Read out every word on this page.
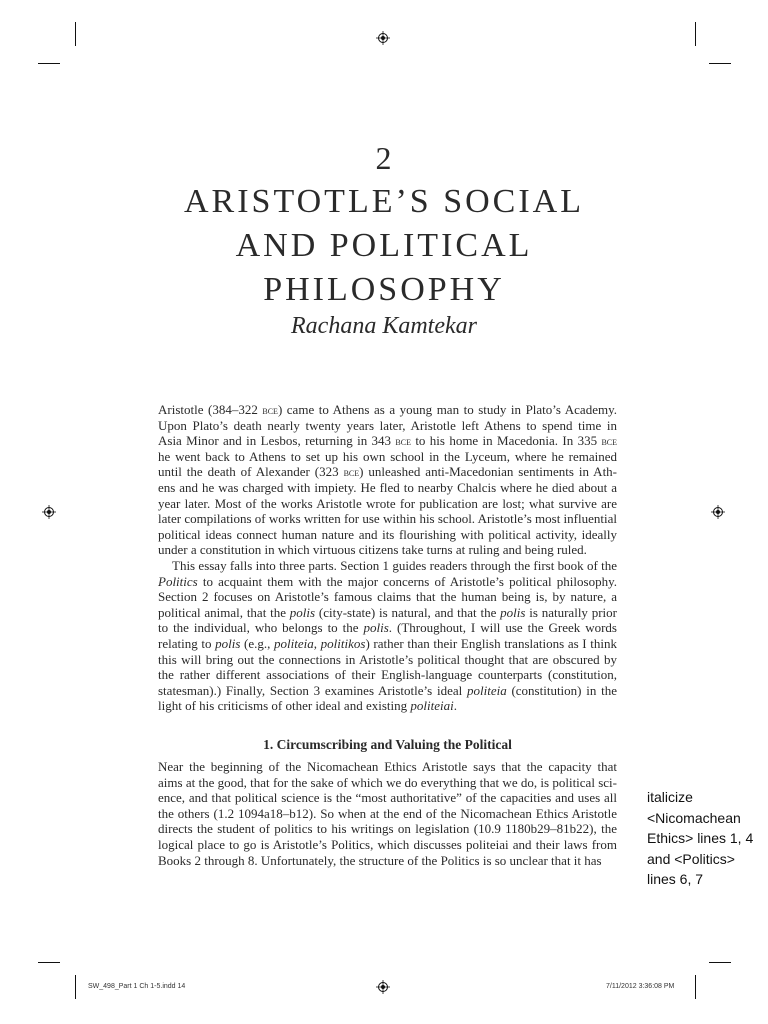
2
ARISTOTLE’S SOCIAL
AND POLITICAL
PHILOSOPHY
Rachana Kamtekar
Aristotle (384–322 bce) came to Athens as a young man to study in Plato’s Academy.
Upon Plato’s death nearly twenty years later, Aristotle left Athens to spend time in
Asia Minor and in Lesbos, returning in 343 bce to his home in Macedonia. In 335 bce
he went back to Athens to set up his own school in the Lyceum, where he remained
until the death of Alexander (323 bce) unleashed anti-Macedonian sentiments in Ath-
ens and he was charged with impiety. He fled to nearby Chalcis where he died about a
year later. Most of the works Aristotle wrote for publication are lost; what survive are
later compilations of works written for use within his school. Aristotle’s most influential
political ideas connect human nature and its flourishing with political activity, ideally
under a constitution in which virtuous citizens take turns at ruling and being ruled.
This essay falls into three parts. Section 1 guides readers through the first book of the
Politics to acquaint them with the major concerns of Aristotle’s political philosophy.
Section 2 focuses on Aristotle’s famous claims that the human being is, by nature, a
political animal, that the polis (city-state) is natural, and that the polis is naturally prior
to the individual, who belongs to the polis. (Throughout, I will use the Greek words
relating to polis (e.g., politeia, politikos) rather than their English translations as I think
this will bring out the connections in Aristotle’s political thought that are obscured by
the rather different associations of their English-language counterparts (constitution,
statesman).) Finally, Section 3 examines Aristotle’s ideal politeia (constitution) in the
light of his criticisms of other ideal and existing politeiai.
1. Circumscribing and Valuing the Political
Near the beginning of the Nicomachean Ethics Aristotle says that the capacity that
aims at the good, that for the sake of which we do everything that we do, is political sci-
ence, and that political science is the “most authoritative” of the capacities and uses all
the others (1.2 1094a18–b12). So when at the end of the Nicomachean Ethics Aristotle
directs the student of politics to his writings on legislation (10.9 1180b29–81b22), the
logical place to go is Aristotle’s Politics, which discusses politeiai and their laws from
Books 2 through 8. Unfortunately, the structure of the Politics is so unclear that it has
italicize
<Nicomachean
Ethics> lines 1, 4
and <Politics>
lines 6, 7
SW_498_Part 1 Ch 1-5.indd 14	7/11/2012 3:36:08 PM
